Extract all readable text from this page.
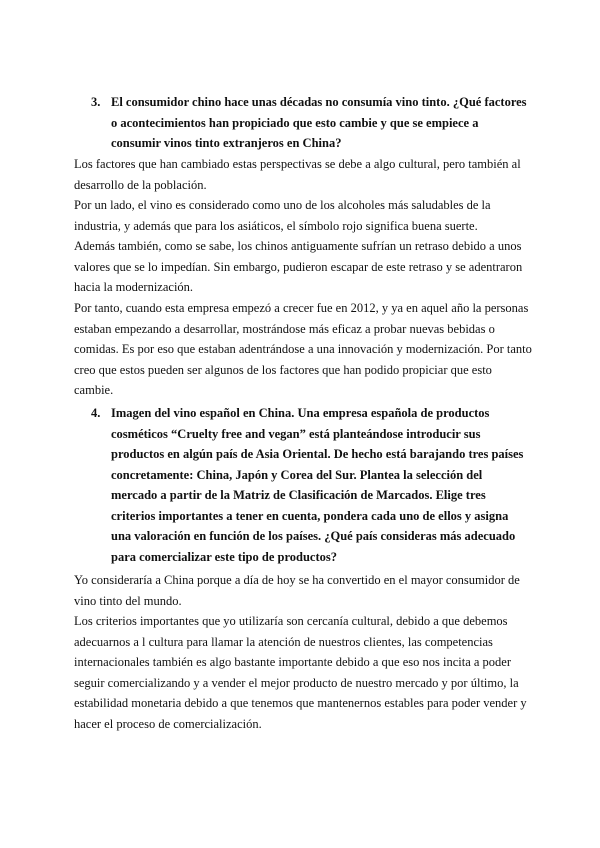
3. El consumidor chino hace unas décadas no consumía vino tinto. ¿Qué factores o acontecimientos han propiciado que esto cambie y que se empiece a consumir vinos tinto extranjeros en China?

Los factores que han cambiado estas perspectivas se debe a algo cultural, pero también al desarrollo de la población.

Por un lado, el vino es considerado como uno de los alcoholes más saludables de la industria, y además que para los asiáticos, el símbolo rojo significa buena suerte.

Además también, como se sabe, los chinos antiguamente sufrían un retraso debido a unos valores que se lo impedían. Sin embargo, pudieron escapar de este retraso y se adentraron hacia la modernización.

Por tanto, cuando esta empresa empezó a crecer fue en 2012, y ya en aquel año la personas estaban empezando a desarrollar, mostrándose más eficaz a probar nuevas bebidas o comidas. Es por eso que estaban adentrándose a una innovación y modernización. Por tanto creo que estos pueden ser algunos de los factores que han podido propiciar que esto cambie.

4. Imagen del vino español en China. Una empresa española de productos cosméticos “Cruelty free and vegan” está planteándose introducir sus productos en algún país de Asia Oriental. De hecho está barajando tres países concretamente: China, Japón y Corea del Sur. Plantea la selección del mercado a partir de la Matriz de Clasificación de Marcados. Elige tres criterios importantes a tener en cuenta, pondera cada uno de ellos y asigna una valoración en función de los países. ¿Qué país consideras más adecuado para comercializar este tipo de productos?

Yo consideraría a China porque a día de hoy se ha convertido en el mayor consumidor de vino tinto del mundo.

Los criterios importantes que yo utilizaría son cercanía cultural, debido a que debemos adecuarnos a l cultura para llamar la atención de nuestros clientes, las competencias internacionales también es algo bastante importante debido a que eso nos incita a poder seguir comercializando y a vender el mejor producto de nuestro mercado y por último, la estabilidad monetaria debido a que tenemos que mantenernos estables para poder vender y hacer el proceso de comercialización.
